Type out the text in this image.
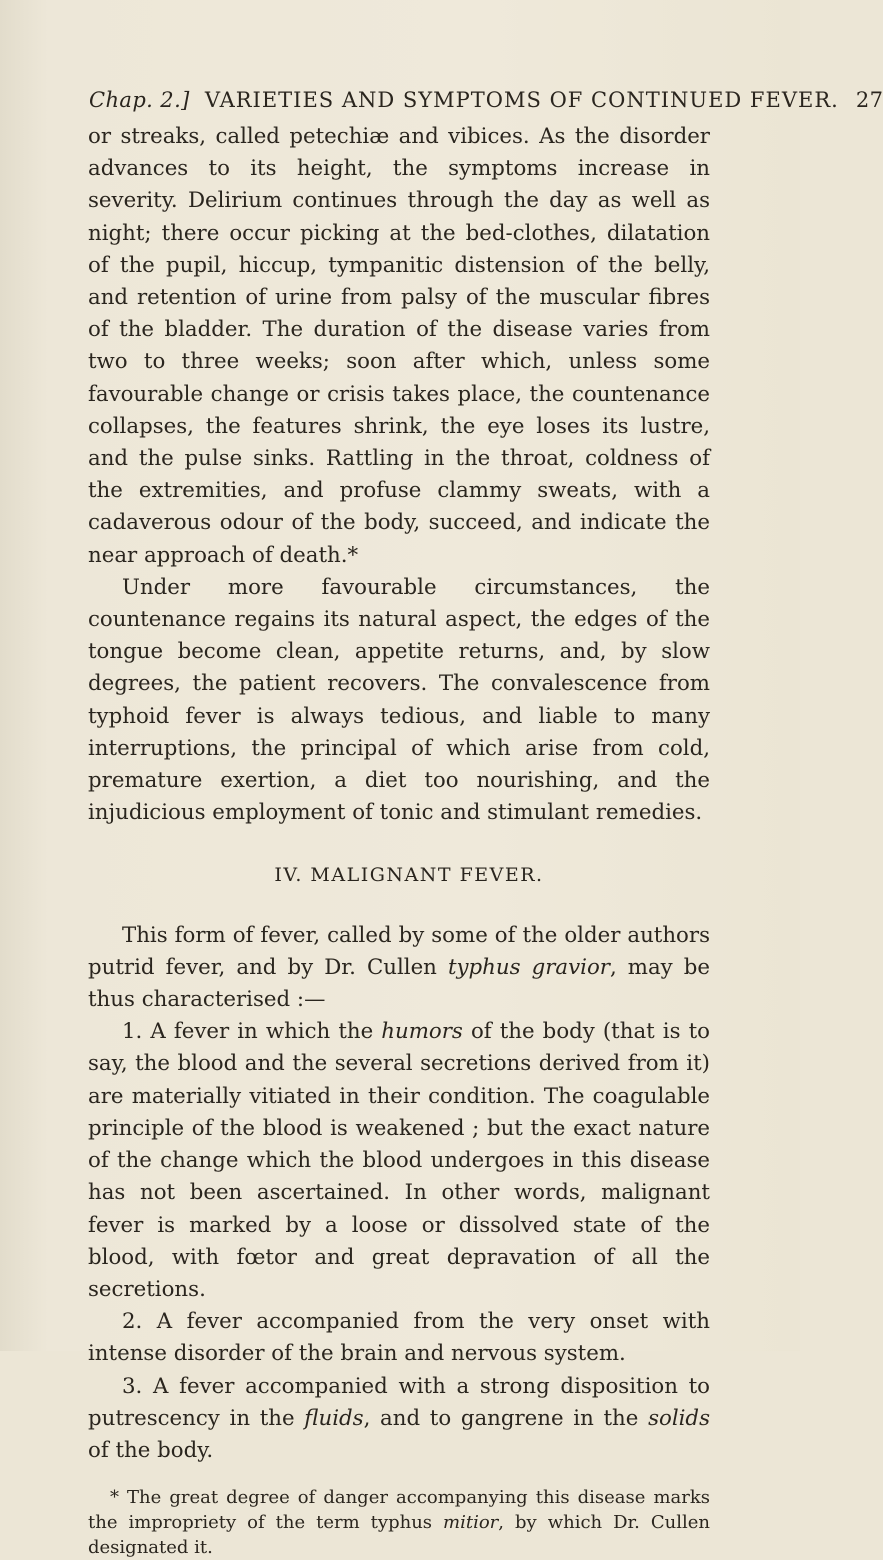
Chap. 2.] VARIETIES AND SYMPTOMS OF CONTINUED FEVER. 27

or streaks, called petechiæ and vibices. As the disorder advances to its height, the symptoms increase in severity. Delirium continues through the day as well as night; there occur picking at the bed-clothes, dilatation of the pupil, hiccup, tympanitic distension of the belly, and retention of urine from palsy of the muscular fibres of the bladder. The duration of the disease varies from two to three weeks; soon after which, unless some favourable change or crisis takes place, the countenance collapses, the features shrink, the eye loses its lustre, and the pulse sinks. Rattling in the throat, coldness of the extremities, and profuse clammy sweats, with a cadaverous odour of the body, succeed, and indicate the near approach of death.*

Under more favourable circumstances, the countenance regains its natural aspect, the edges of the tongue become clean, appetite returns, and, by slow degrees, the patient recovers. The convalescence from typhoid fever is always tedious, and liable to many interruptions, the principal of which arise from cold, premature exertion, a diet too nourishing, and the injudicious employment of tonic and stimulant remedies.

IV. MALIGNANT FEVER.

This form of fever, called by some of the older authors putrid fever, and by Dr. Cullen typhus gravior, may be thus characterised :—

1. A fever in which the humors of the body (that is to say, the blood and the several secretions derived from it) are materially vitiated in their condition. The coagulable principle of the blood is weakened ; but the exact nature of the change which the blood undergoes in this disease has not been ascertained. In other words, malignant fever is marked by a loose or dissolved state of the blood, with fœtor and great depravation of all the secretions.

2. A fever accompanied from the very onset with intense disorder of the brain and nervous system.

3. A fever accompanied with a strong disposition to putrescency in the fluids, and to gangrene in the solids of the body.

* The great degree of danger accompanying this disease marks the impropriety of the term typhus mitior, by which Dr. Cullen designated it.
